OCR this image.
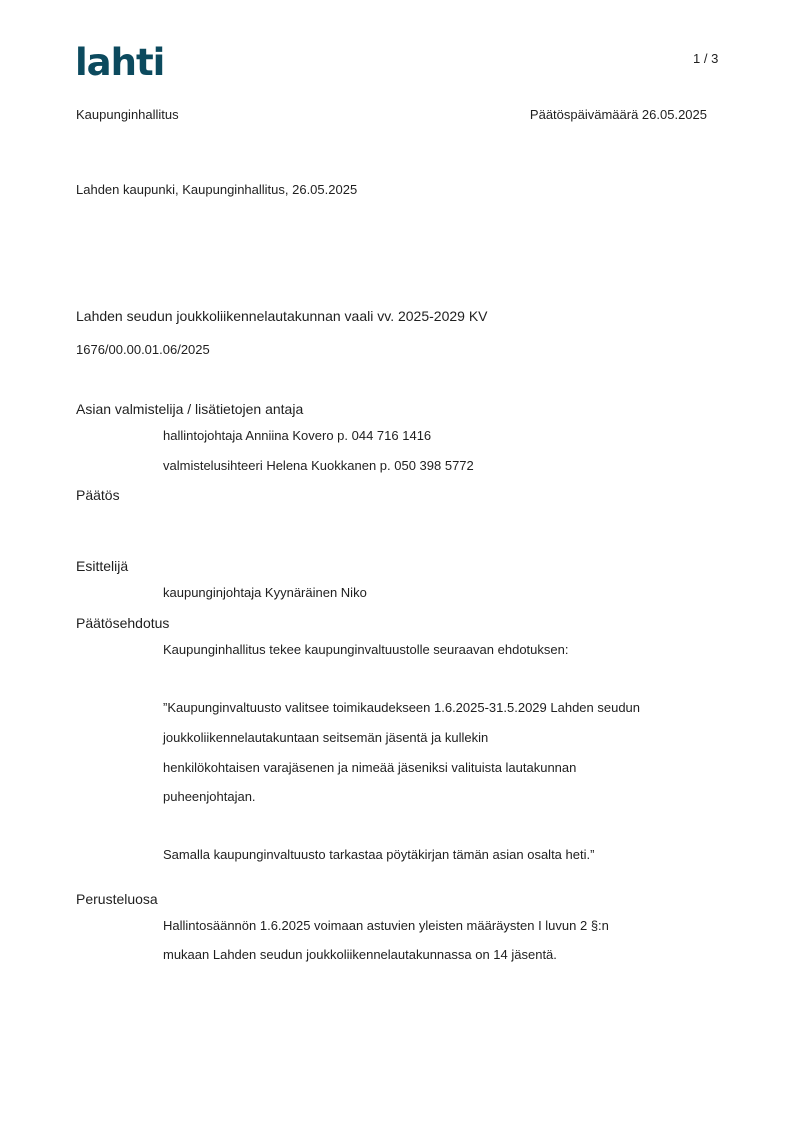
lahti	1 / 3
Kaupunginhallitus	Päätöspäivämäärä 26.05.2025
Lahden kaupunki, Kaupunginhallitus, 26.05.2025
Lahden seudun joukkoliikennelautakunnan vaali vv. 2025-2029 KV
1676/00.00.01.06/2025
Asian valmistelija / lisätietojen antaja
hallintojohtaja Anniina Kovero p. 044 716 1416
valmistelusihteeri Helena Kuokkanen p. 050 398 5772
Päätös
Esittelijä
kaupunginjohtaja Kyynäräinen Niko
Päätösehdotus
Kaupunginhallitus tekee kaupunginvaltuustolle seuraavan ehdotuksen:
”Kaupunginvaltuusto valitsee toimikaudekseen 1.6.2025-31.5.2029 Lahden seudun
joukkoliikennelautakuntaan seitsemän jäsentä ja kullekin
henkilökohtaisen varajäsenen ja nimeää jäseniksi valituista lautakunnan
puheenjohtajan.
Samalla kaupunginvaltuusto tarkastaa pöytäkirjan tämän asian osalta heti.”
Perusteluosa
Hallintosäännön 1.6.2025 voimaan astuvien yleisten määräysten I luvun 2 §:n
mukaan Lahden seudun joukkoliikennelautakunnassa on 14 jäsentä.
